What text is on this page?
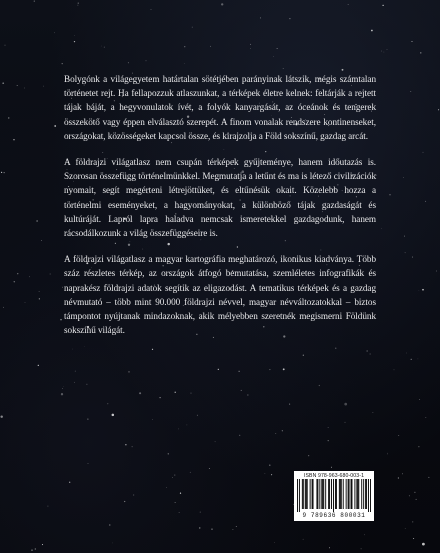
Bolygónk a világegyetem határtalan sötétjében parányinak látszik, mégis számtalan történetet rejt. Ha fellapozzuk atlaszunkat, a térképek életre kelnek: feltárják a rejtett tájak báját, a hegyvonulatok ívét, a folyók kanyargását, az óceánok és tengerek összekötő vagy éppen elválasztó szerepét. A finom vonalak rendszere kontinenseket, országokat, közösségeket kapcsol össze, és kirajzolja a Föld sokszínű, gazdag arcát.

A földrajzi világatlasz nem csupán térképek gyűjteménye, hanem időutazás is. Szorosan összefügg történelmünkkel. Megmutatja a letűnt és ma is létező civilizációk nyomait, segít megérteni létrejöttüket, és eltűnésük okait. Közelebb hozza a történelmi eseményeket, a hagyományokat, a különböző tájak gazdaságát és kultúráját. Lapról lapra haladva nemcsak ismeretekkel gazdagodunk, hanem rácsodálkozunk a világ összefüggéseire is.

A földrajzi világatlasz a magyar kartográfia meghatározó, ikonikus kiadványa. Több száz részletes térkép, az országok átfogó bemutatása, szemléletes infografikák és naprakész földrajzi adatok segítik az eligazodást. A tematikus térképek és a gazdag névmutató – több mint 90.000 földrajzi névvel, magyar névváltozatokkal – biztos támpontot nyújtanak mindazoknak, akik mélyebben szeretnék megismerni Földünk sokszínű világát.

ISBN 978-963-680-003-1
9 789636 800031
